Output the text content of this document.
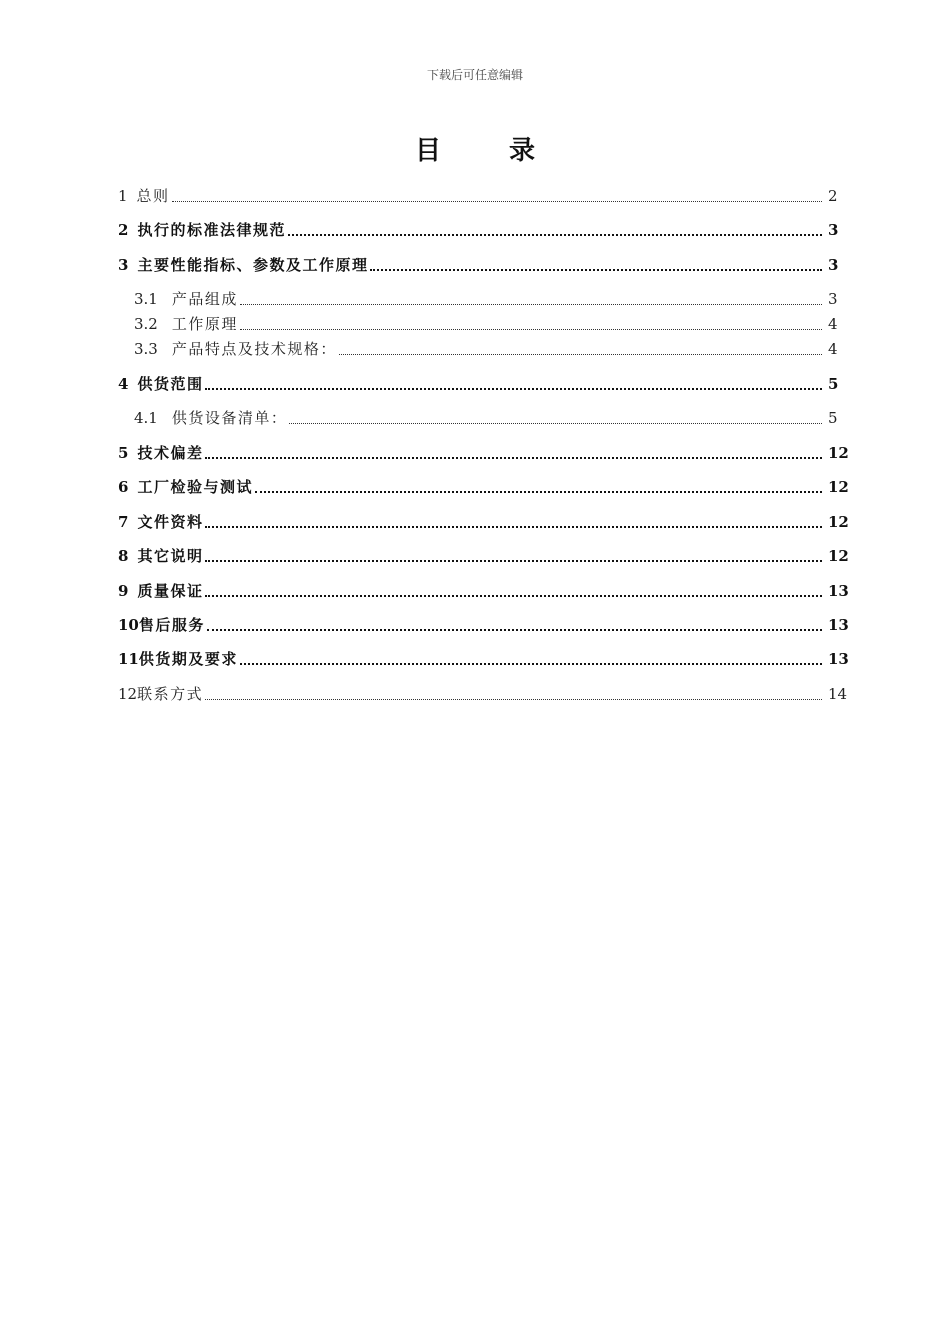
下载后可任意编辑
目	录
1 总则	2
2 执行的标准法律规范	3
3 主要性能指标、参数及工作原理	3
3.1 产品组成	3
3.2 工作原理	4
3.3 产品特点及技术规格：	4
4 供货范围	5
4.1 供货设备清单：	5
5 技术偏差	12
6 工厂检验与测试	12
7 文件资料	12
8 其它说明	12
9 质量保证	13
10 售后服务	13
11 供货期及要求	13
12 联系方式	14
